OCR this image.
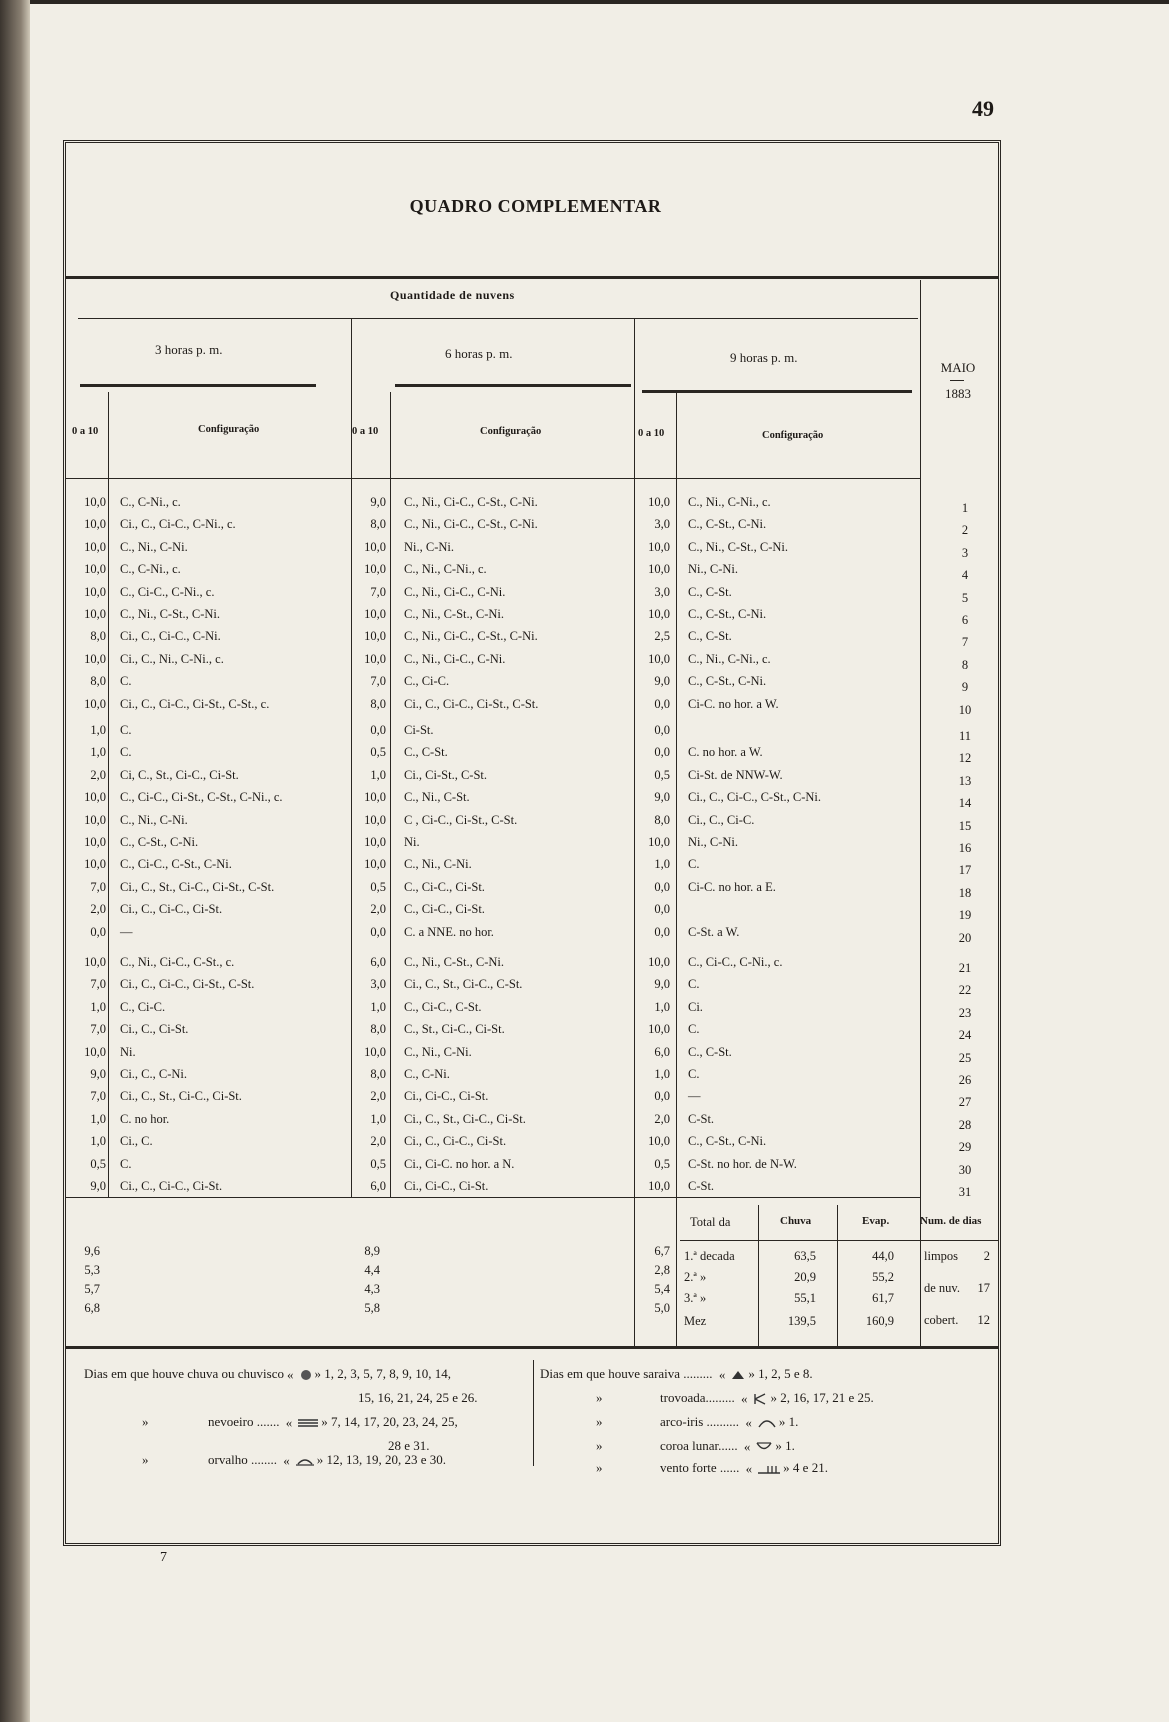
49
QUADRO COMPLEMENTAR
Quantidade de nuvens
3 horas p. m.	6 horas p. m.	9 horas p. m.
0 a 10	Configuração	0 a 10	Configuração	0 a 10	Configuração
MAIO
1883
10,0 C., C-Ni., c.	9,0 C., Ni., Ci-C., C-St., C-Ni.	10,0 C., Ni., C-Ni., c.	1
10,0 Ci., C., Ci-C., C-Ni., c.	8,0 C., Ni., Ci-C., C-St., C-Ni.	3,0 C., C-St., C-Ni.	2
10,0 C., Ni., C-Ni.	10,0 Ni., C-Ni.	10,0 C., Ni., C-St., C-Ni.	3
10,0 C., C-Ni., c.	10,0 C., Ni., C-Ni., c.	10,0 Ni., C-Ni.	4
10,0 C., Ci-C., C-Ni., c.	7,0 C., Ni., Ci-C., C-Ni.	3,0 C., C-St.	5
10,0 C., Ni., C-St., C-Ni.	10,0 C., Ni., C-St., C-Ni.	10,0 C., C-St., C-Ni.	6
8,0 Ci., C., Ci-C., C-Ni.	10,0 C., Ni., Ci-C., C-St., C-Ni.	2,5 C., C-St.	7
10,0 Ci., C., Ni., C-Ni., c.	10,0 C., Ni., Ci-C., C-Ni.	10,0 C., Ni., C-Ni., c.	8
8,0 C.	7,0 C., Ci-C.	9,0 C., C-St., C-Ni.	9
10,0 Ci., C., Ci-C., Ci-St., C-St., c.	8,0 Ci., C., Ci-C., Ci-St., C-St.	0,0 Ci-C. no hor. a W.	10
1,0 C.	0,0 Ci-St.	0,0	11
1,0 C.	0,5 C., C-St.	0,0 C. no hor. a W.	12
2,0 Ci, C., St., Ci-C., Ci-St.	1,0 Ci., Ci-St., C-St.	0,5 Ci-St. de NNW-W.	13
10,0 C., Ci-C., Ci-St., C-St., C-Ni., c.	10,0 C., Ni., C-St.	9,0 Ci., C., Ci-C., C-St., C-Ni.	14
10,0 C., Ni., C-Ni.	10,0 C , Ci-C., Ci-St., C-St.	8,0 Ci., C., Ci-C.	15
10,0 C., C-St., C-Ni.	10,0 Ni.	10,0 Ni., C-Ni.	16
10,0 C., Ci-C., C-St., C-Ni.	10,0 C., Ni., C-Ni.	1,0 C.	17
7,0 Ci., C., St., Ci-C., Ci-St., C-St.	0,5 C., Ci-C., Ci-St.	0,0 Ci-C. no hor. a E.	18
2,0 Ci., C., Ci-C., Ci-St.	2,0 C., Ci-C., Ci-St.	0,0	19
0,0 —	0,0 C. a NNE. no hor.	0,0 C-St. a W.	20
10,0 C., Ni., Ci-C., C-St., c.	6,0 C., Ni., C-St., C-Ni.	10,0 C., Ci-C., C-Ni., c.	21
7,0 Ci., C., Ci-C., Ci-St., C-St.	3,0 Ci., C., St., Ci-C., C-St.	9,0 C.	22
1,0 C., Ci-C.	1,0 C., Ci-C., C-St.	1,0 Ci.	23
7,0 Ci., C., Ci-St.	8,0 C., St., Ci-C., Ci-St.	10,0 C.	24
10,0 Ni.	10,0 C., Ni., C-Ni.	6,0 C., C-St.	25
9,0 Ci., C., C-Ni.	8,0 C., C-Ni.	1,0 C.	26
7,0 Ci., C., St., Ci-C., Ci-St.	2,0 Ci., Ci-C., Ci-St.	0,0 —	27
1,0 C. no hor.	1,0 Ci., C., St., Ci-C., Ci-St.	2,0 C-St.	28
1,0 Ci., C.	2,0 Ci., C., Ci-C., Ci-St.	10,0 C., C-St., C-Ni.	29
0,5 C.	0,5 Ci., Ci-C. no hor. a N.	0,5 C-St. no hor. de N-W.	30
9,0 Ci., C., Ci-C., Ci-St.	6,0 Ci., Ci-C., Ci-St.	10,0 C-St.	31
9,6	8,9	6,7
5,3	4,4	2,8
5,7	4,3	5,4
6,8	5,8	5,0
Total da	Chuva	Evap.	Num. de dias
1.ª decada	63,5	44,0
2.ª »	20,9	55,2
3.ª »	55,1	61,7
Mez	139,5	160,9
limpos	2
de nuv.	17
cobert.	12
Dias em que houve chuva ou chuvisco « » 1, 2, 3, 5, 7, 8, 9, 10, 14,
15, 16, 21, 24, 25 e 26.
»	nevoeiro ....... « » 7, 14, 17, 20, 23, 24, 25,
28 e 31.
»	orvalho ........ « » 12, 13, 19, 20, 23 e 30.
Dias em que houve saraiva ......... « » 1, 2, 5 e 8.
»	trovoada......... « » 2, 16, 17, 21 e 25.
»	arco-iris .......... « » 1.
»	coroa lunar...... « » 1.
»	vento forte ...... « » 4 e 21.
7
